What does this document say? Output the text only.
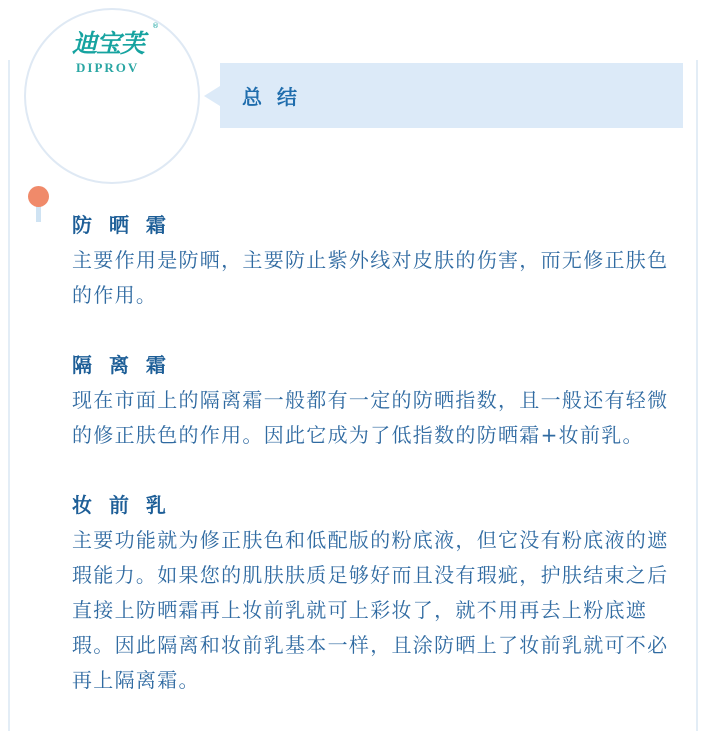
迪宝芙
®
DIPROV
总 结
防 晒 霜
主要作用是防晒，主要防止紫外线对皮肤的伤害，而无修正肤色的作用。
隔 离 霜
现在市面上的隔离霜一般都有一定的防晒指数，且一般还有轻微的修正肤色的作用。因此它成为了低指数的防晒霜+妆前乳。
妆 前 乳
主要功能就为修正肤色和低配版的粉底液，但它没有粉底液的遮瑕能力。如果您的肌肤肤质足够好而且没有瑕疵，护肤结束之后直接上防晒霜再上妆前乳就可上彩妆了，就不用再去上粉底遮瑕。因此隔离和妆前乳基本一样，且涂防晒上了妆前乳就可不必再上隔离霜。
